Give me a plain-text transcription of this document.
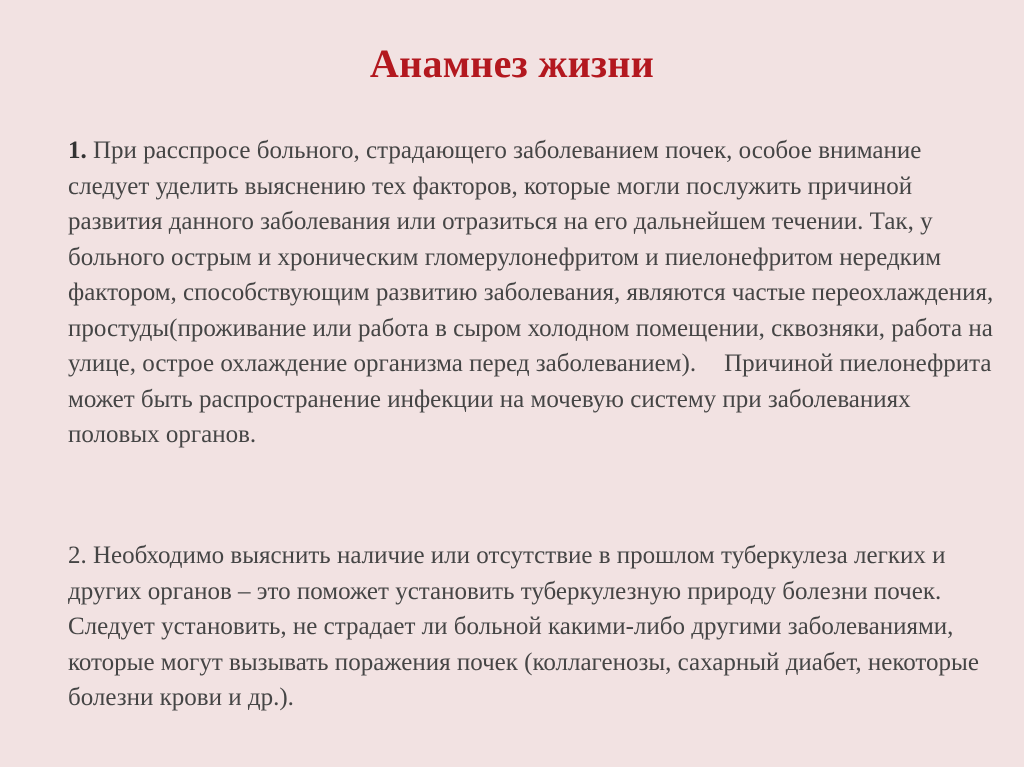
Анамнез жизни

1. При расспросе больного, страдающего заболеванием почек, особое внимание следует уделить выяснению тех факторов, которые могли послужить причиной развития данного заболевания или отразиться на его дальнейшем течении. Так, у больного острым и хроническим гломерулонефритом и пиелонефритом нередким фактором, способствующим развитию заболевания, являются частые переохлаждения, простуды(проживание или работа в сыром холодном помещении, сквозняки, работа на улице, острое охлаждение организма перед заболеванием). Причиной пиелонефрита может быть распространение инфекции на мочевую систему при заболеваниях половых органов.

2. Необходимо выяснить наличие или отсутствие в прошлом туберкулеза легких и других органов – это поможет установить туберкулезную природу болезни почек. Следует установить, не страдает ли больной какими-либо другими заболеваниями, которые могут вызывать поражения почек (коллагенозы, сахарный диабет, некоторые болезни крови и др.).
